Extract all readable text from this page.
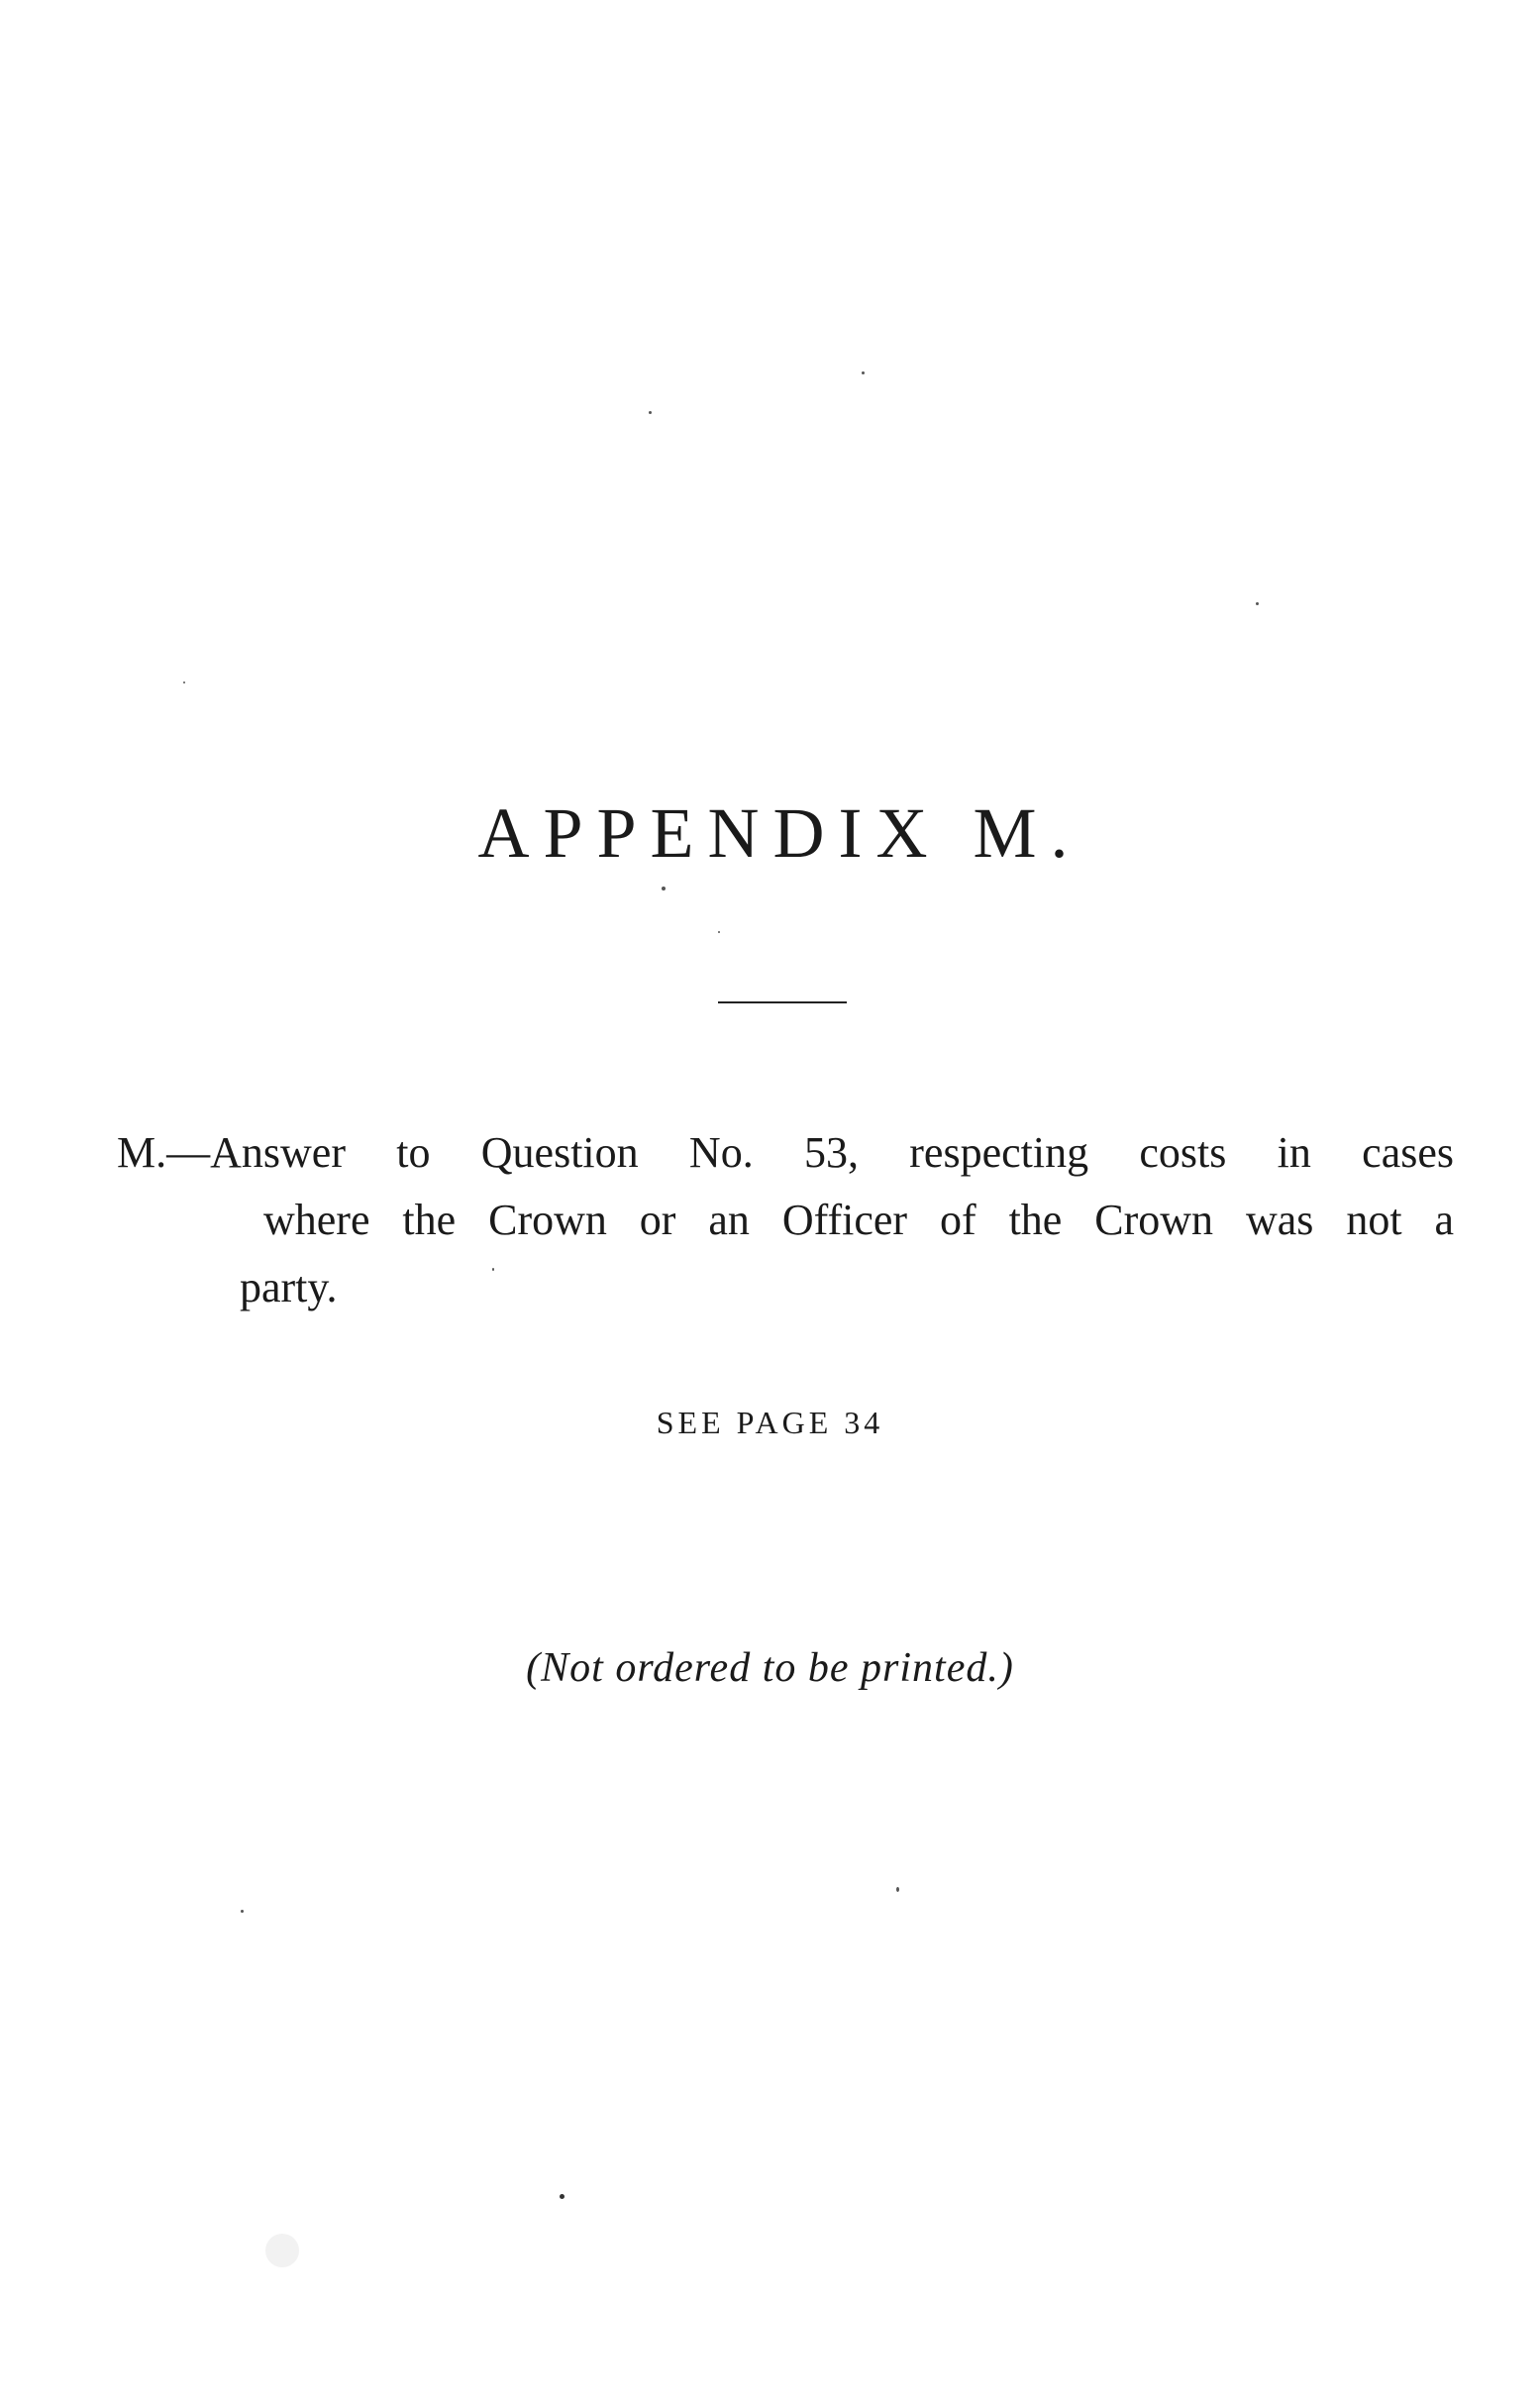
APPENDIX M.

M.—Answer to Question No. 53, respecting costs in cases
where the Crown or an Officer of the Crown was not a
party.

SEE PAGE 34

(Not ordered to be printed.)
